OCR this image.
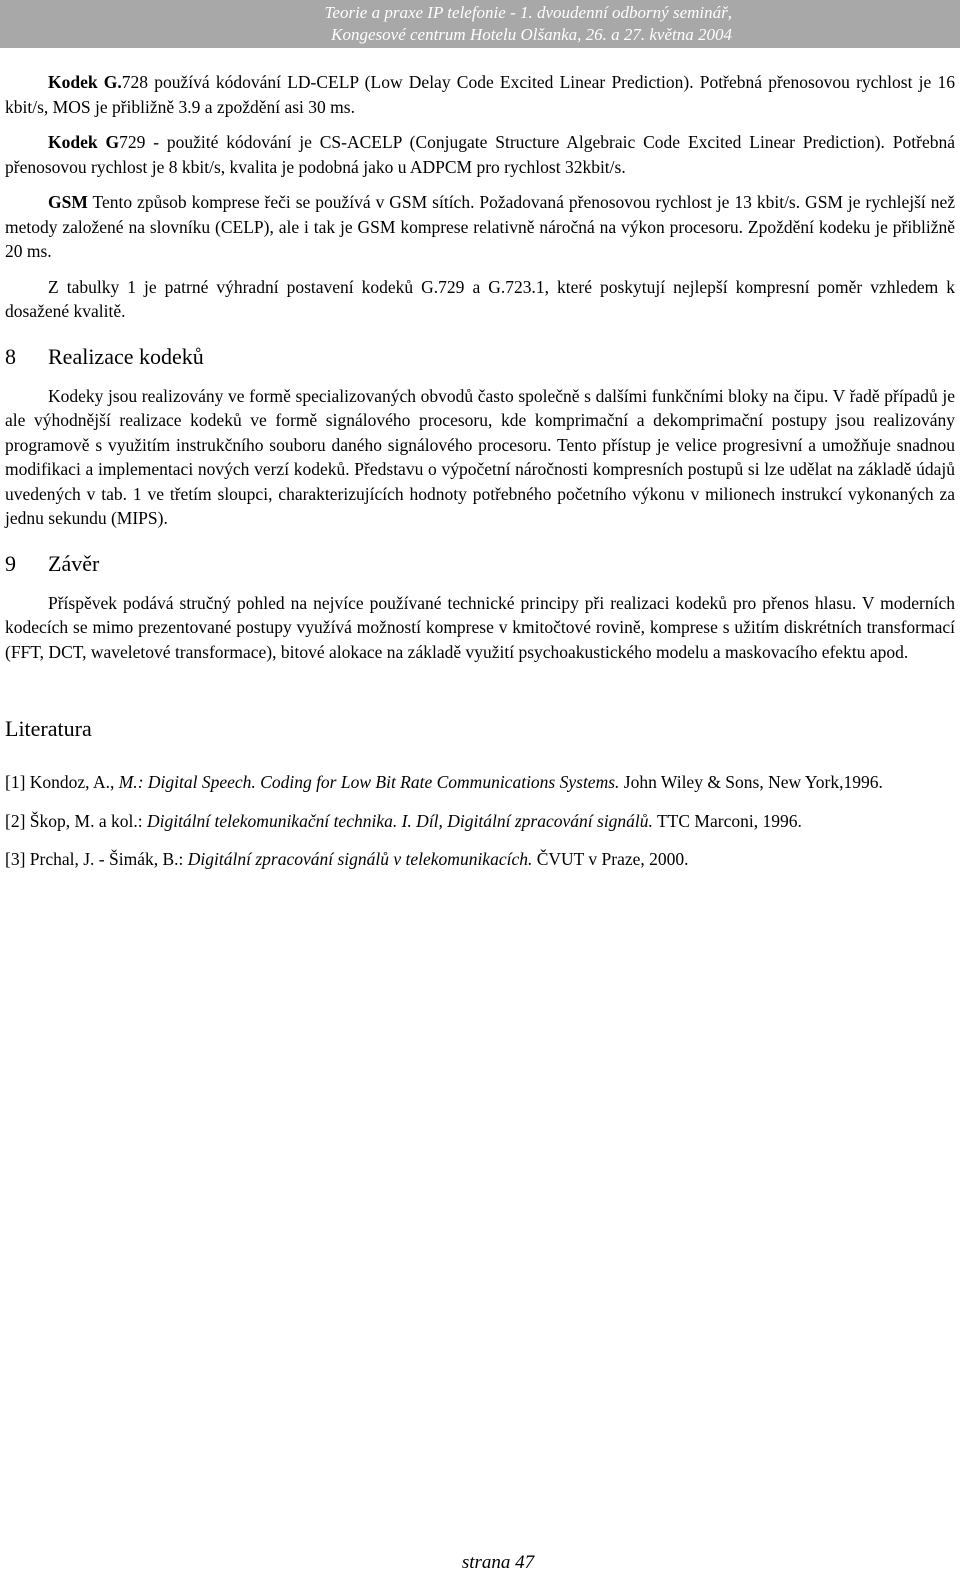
Teorie a praxe IP telefonie - 1. dvoudenní odborný seminář,
Kongesové centrum Hotelu Olšanka, 26. a 27. května 2004

Kodek G.728 používá kódování LD-CELP (Low Delay Code Excited Linear Prediction). Potřebná přenosovou rychlost je 16 kbit/s, MOS je přibližně 3.9 a zpoždění asi 30 ms.

Kodek G729 - použité kódování je CS-ACELP (Conjugate Structure Algebraic Code Excited Linear Prediction). Potřebná přenosovou rychlost je 8 kbit/s, kvalita je podobná jako u ADPCM pro rychlost 32kbit/s.

GSM Tento způsob komprese řeči se používá v GSM sítích. Požadovaná přenosovou rychlost je 13 kbit/s. GSM je rychlejší než metody založené na slovníku (CELP), ale i tak je GSM komprese relativně náročná na výkon procesoru. Zpoždění kodeku je přibližně 20 ms.

Z tabulky 1 je patrné výhradní postavení kodeků G.729 a G.723.1, které poskytují nejlepší kompresní poměr vzhledem k dosažené kvalitě.

8	Realizace kodeků

Kodeky jsou realizovány ve formě specializovaných obvodů často společně s dalšími funkčními bloky na čipu. V řadě případů je ale výhodnější realizace kodeků ve formě signálového procesoru, kde komprimační a dekomprimační postupy jsou realizovány programově s využitím instrukčního souboru daného signálového procesoru. Tento přístup je velice progresivní a umožňuje snadnou modifikaci a implementaci nových verzí kodeků. Představu o výpočetní náročnosti kompresních postupů si lze udělat na základě údajů uvedených v tab. 1 ve třetím sloupci, charakterizujících hodnoty potřebného početního výkonu v milionech instrukcí vykonaných za jednu sekundu (MIPS).

9	Závěr

Příspěvek podává stručný pohled na nejvíce používané technické principy při realizaci kodeků pro přenos hlasu. V moderních kodecích se mimo prezentované postupy využívá možností komprese v kmitočtové rovině, komprese s užitím diskrétních transformací (FFT, DCT, waveletové transformace), bitové alokace na základě využití psychoakustického modelu a maskovacího efektu apod.

Literatura

[1] Kondoz, A., M.: Digital Speech. Coding for Low Bit Rate Communications Systems. John Wiley & Sons, New York,1996.

[2] Škop, M. a kol.: Digitální telekomunikační technika. I. Díl, Digitální zpracování signálů. TTC Marconi, 1996.

[3] Prchal, J. - Šimák, B.: Digitální zpracování signálů v telekomunikacích. ČVUT v Praze, 2000.

strana 47
